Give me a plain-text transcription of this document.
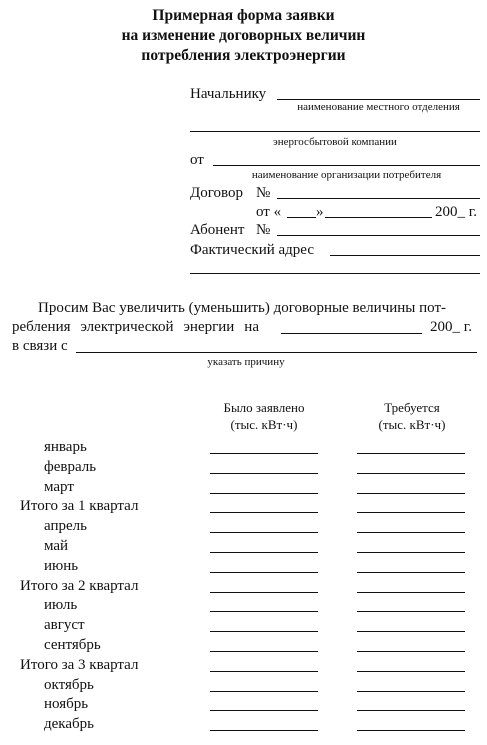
Примерная форма заявки
на изменение договорных величин
потребления электроэнергии
Начальнику
наименование местного отделения
энергосбытовой компании
от
наименование организации потребителя
Договор №
от « »	200_ г.
Абонент №
Фактический адрес
Просим Вас увеличить (уменьшить) договорные величины пот-
ребления электрической энергии на	200_ г.
в связи с
указать причину
Было заявлено
(тыс. кВт·ч)
Требуется
(тыс. кВт·ч)
январь
февраль
март
Итого за 1 квартал
апрель
май
июнь
Итого за 2 квартал
июль
август
сентябрь
Итого за 3 квартал
октябрь
ноябрь
декабрь
